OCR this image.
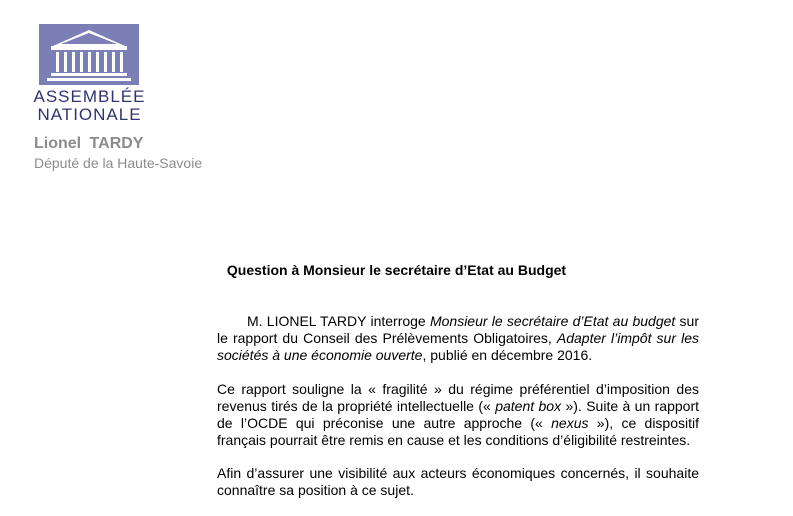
ASSEMBLÉE
NATIONALE
Lionel TARDY
Député de la Haute-Savoie
Question à Monsieur le secrétaire d’Etat au Budget
M. LIONEL TARDY interroge Monsieur le secrétaire d’Etat au budget sur le rapport du Conseil des Prélèvements Obligatoires, Adapter l’impôt sur les sociétés à une économie ouverte, publié en décembre 2016.
Ce rapport souligne la « fragilité » du régime préférentiel d’imposition des revenus tirés de la propriété intellectuelle (« patent box »). Suite à un rapport de l’OCDE qui préconise une autre approche (« nexus »), ce dispositif français pourrait être remis en cause et les conditions d’éligibilité restreintes.
Afin d’assurer une visibilité aux acteurs économiques concernés, il souhaite connaître sa position à ce sujet.
